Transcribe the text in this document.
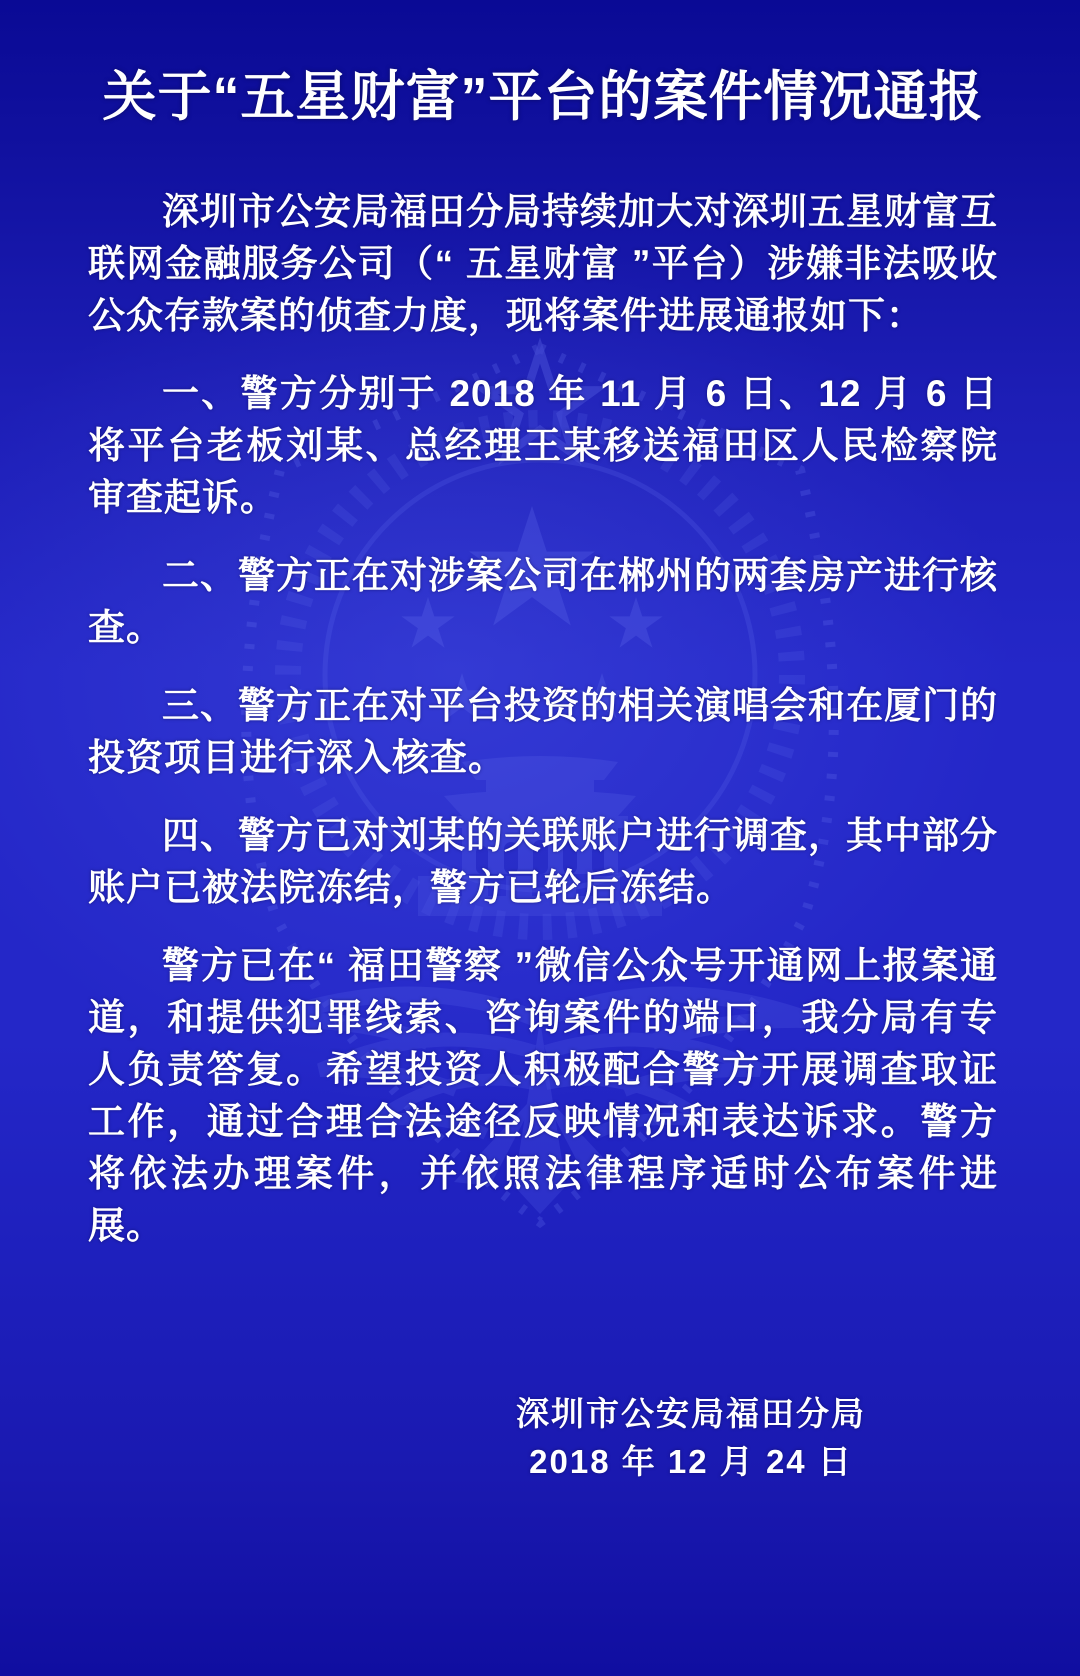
关于“五星财富”平台的案件情况通报

深圳市公安局福田分局持续加大对深圳五星财富互联网金融服务公司（“ 五星财富 ”平台）涉嫌非法吸收公众存款案的侦查力度，现将案件进展通报如下：

一、警方分别于 2018 年 11 月 6 日、12 月 6 日将平台老板刘某、总经理王某移送福田区人民检察院审查起诉。

二、警方正在对涉案公司在郴州的两套房产进行核查。

三、警方正在对平台投资的相关演唱会和在厦门的投资项目进行深入核查。

四、警方已对刘某的关联账户进行调查，其中部分账户已被法院冻结，警方已轮后冻结。

警方已在“ 福田警察 ”微信公众号开通网上报案通道，和提供犯罪线索、咨询案件的端口，我分局有专人负责答复。希望投资人积极配合警方开展调查取证工作，通过合理合法途径反映情况和表达诉求。警方将依法办理案件，并依照法律程序适时公布案件进展。

深圳市公安局福田分局
2018 年 12 月 24 日
